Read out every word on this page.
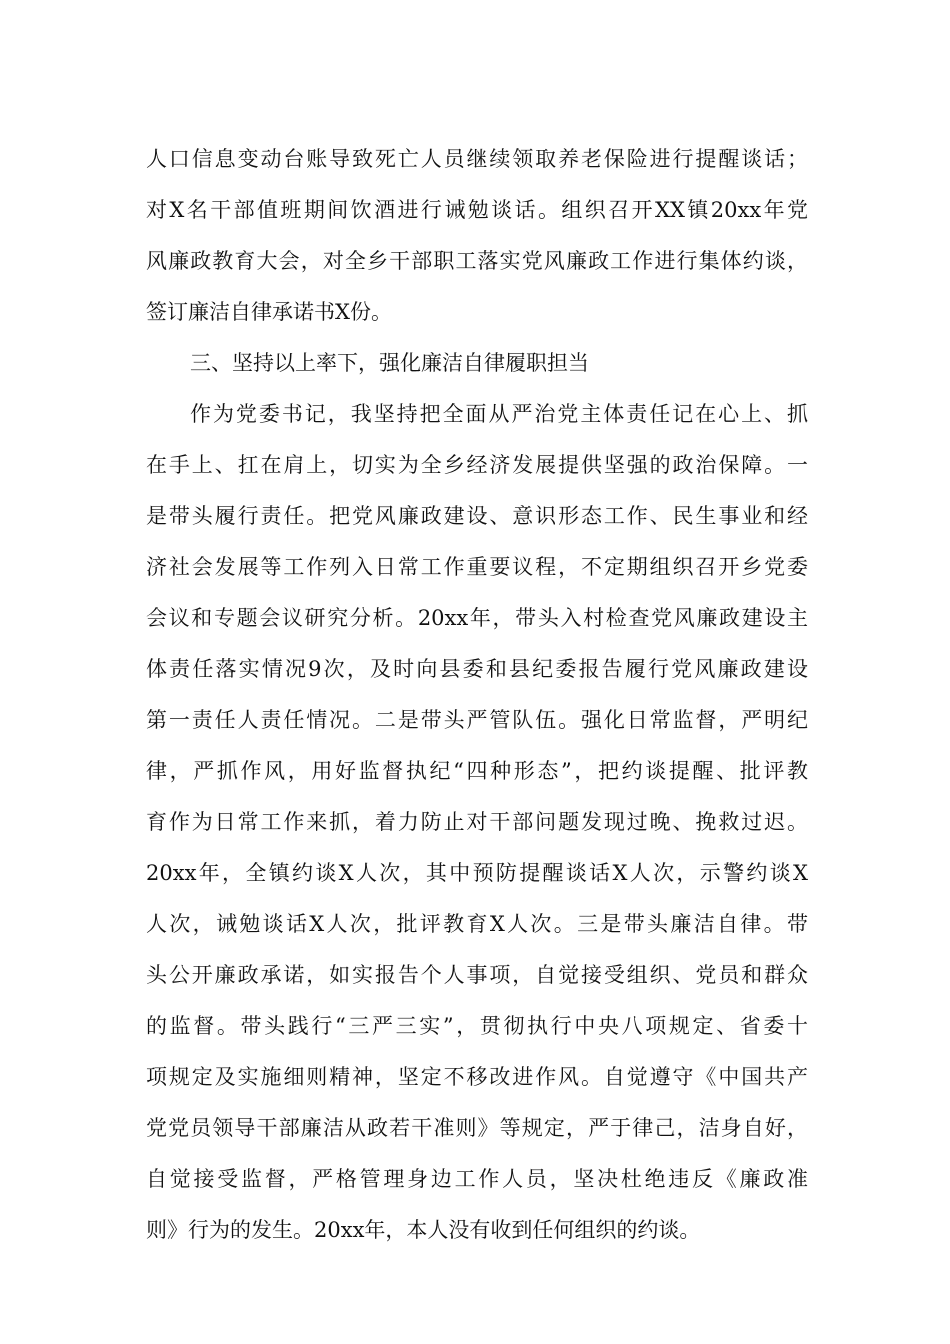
人口信息变动台账导致死亡人员继续领取养老保险进行提醒谈话；
对X名干部值班期间饮酒进行诫勉谈话。组织召开XX镇20xx年党
风廉政教育大会，对全乡干部职工落实党风廉政工作进行集体约谈，
签订廉洁自律承诺书X份。
三、坚持以上率下，强化廉洁自律履职担当
作为党委书记，我坚持把全面从严治党主体责任记在心上、抓
在手上、扛在肩上，切实为全乡经济发展提供坚强的政治保障。一
是带头履行责任。把党风廉政建设、意识形态工作、民生事业和经
济社会发展等工作列入日常工作重要议程，不定期组织召开乡党委
会议和专题会议研究分析。20xx年，带头入村检查党风廉政建设主
体责任落实情况9次，及时向县委和县纪委报告履行党风廉政建设
第一责任人责任情况。二是带头严管队伍。强化日常监督，严明纪
律，严抓作风，用好监督执纪“四种形态”，把约谈提醒、批评教
育作为日常工作来抓，着力防止对干部问题发现过晚、挽救过迟。
20xx年，全镇约谈X人次，其中预防提醒谈话X人次，示警约谈X
人次，诫勉谈话X人次，批评教育X人次。三是带头廉洁自律。带
头公开廉政承诺，如实报告个人事项，自觉接受组织、党员和群众
的监督。带头践行“三严三实”，贯彻执行中央八项规定、省委十
项规定及实施细则精神，坚定不移改进作风。自觉遵守《中国共产
党党员领导干部廉洁从政若干准则》等规定，严于律己，洁身自好，
自觉接受监督，严格管理身边工作人员，坚决杜绝违反《廉政准
则》行为的发生。20xx年，本人没有收到任何组织的约谈。
